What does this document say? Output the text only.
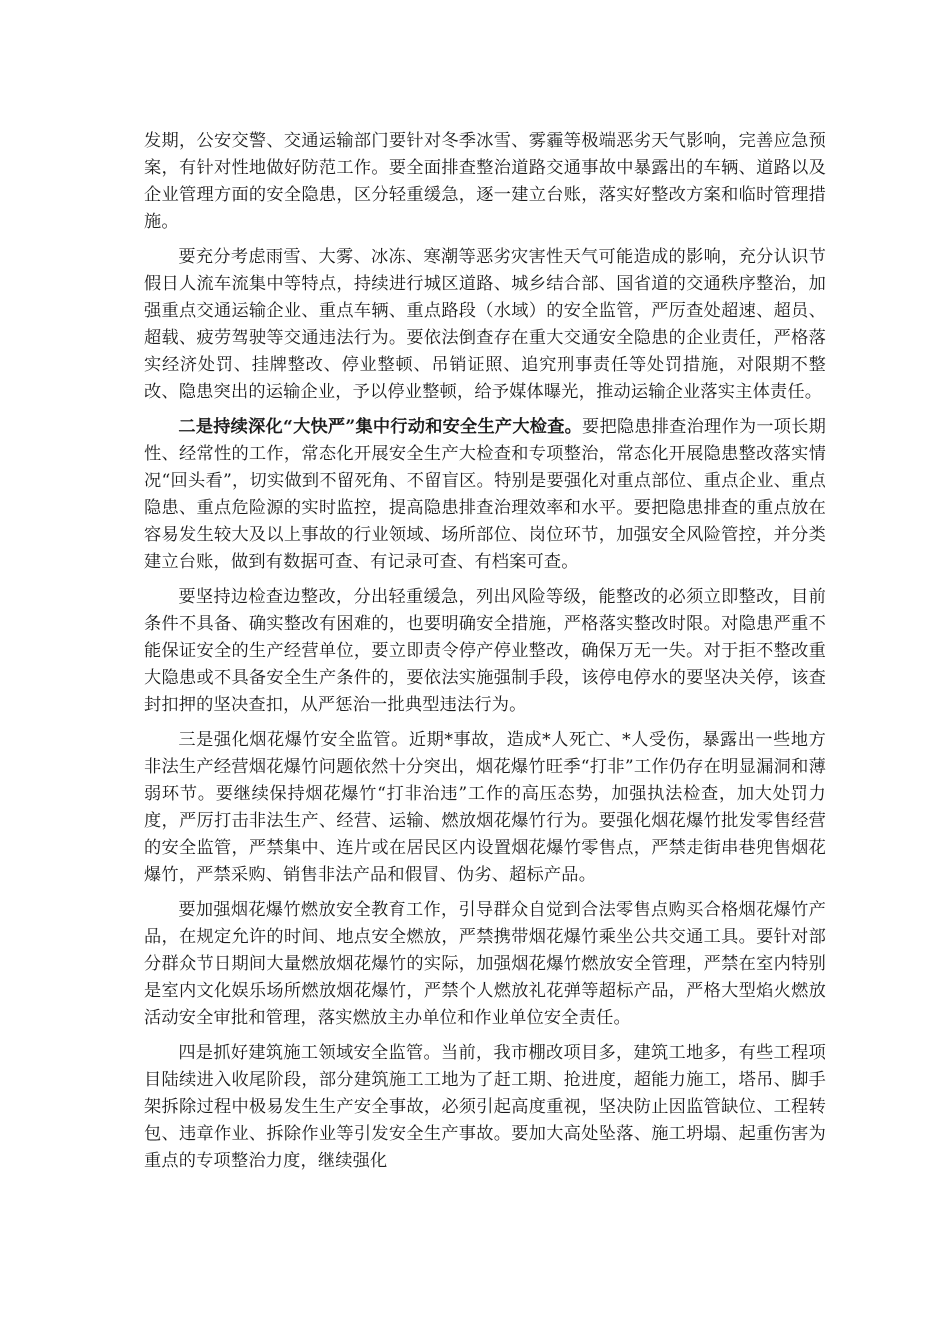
发期，公安交警、交通运输部门要针对冬季冰雪、雾霾等极端恶劣天气影响，完善应急预案，有针对性地做好防范工作。要全面排查整治道路交通事故中暴露出的车辆、道路以及企业管理方面的安全隐患，区分轻重缓急，逐一建立台账，落实好整改方案和临时管理措施。

要充分考虑雨雪、大雾、冰冻、寒潮等恶劣灾害性天气可能造成的影响，充分认识节假日人流车流集中等特点，持续进行城区道路、城乡结合部、国省道的交通秩序整治，加强重点交通运输企业、重点车辆、重点路段（水域）的安全监管，严厉查处超速、超员、超载、疲劳驾驶等交通违法行为。要依法倒查存在重大交通安全隐患的企业责任，严格落实经济处罚、挂牌整改、停业整顿、吊销证照、追究刑事责任等处罚措施，对限期不整改、隐患突出的运输企业，予以停业整顿，给予媒体曝光，推动运输企业落实主体责任。

二是持续深化“大快严”集中行动和安全生产大检查。要把隐患排查治理作为一项长期性、经常性的工作，常态化开展安全生产大检查和专项整治，常态化开展隐患整改落实情况“回头看”，切实做到不留死角、不留盲区。特别是要强化对重点部位、重点企业、重点隐患、重点危险源的实时监控，提高隐患排查治理效率和水平。要把隐患排查的重点放在容易发生较大及以上事故的行业领域、场所部位、岗位环节，加强安全风险管控，并分类建立台账，做到有数据可查、有记录可查、有档案可查。

要坚持边检查边整改，分出轻重缓急，列出风险等级，能整改的必须立即整改，目前条件不具备、确实整改有困难的，也要明确安全措施，严格落实整改时限。对隐患严重不能保证安全的生产经营单位，要立即责令停产停业整改，确保万无一失。对于拒不整改重大隐患或不具备安全生产条件的，要依法实施强制手段，该停电停水的要坚决关停，该查封扣押的坚决查扣，从严惩治一批典型违法行为。

三是强化烟花爆竹安全监管。近期*事故，造成*人死亡、*人受伤，暴露出一些地方非法生产经营烟花爆竹问题依然十分突出，烟花爆竹旺季“打非”工作仍存在明显漏洞和薄弱环节。要继续保持烟花爆竹“打非治违”工作的高压态势，加强执法检查，加大处罚力度，严厉打击非法生产、经营、运输、燃放烟花爆竹行为。要强化烟花爆竹批发零售经营的安全监管，严禁集中、连片或在居民区内设置烟花爆竹零售点，严禁走街串巷兜售烟花爆竹，严禁采购、销售非法产品和假冒、伪劣、超标产品。

要加强烟花爆竹燃放安全教育工作，引导群众自觉到合法零售点购买合格烟花爆竹产品，在规定允许的时间、地点安全燃放，严禁携带烟花爆竹乘坐公共交通工具。要针对部分群众节日期间大量燃放烟花爆竹的实际，加强烟花爆竹燃放安全管理，严禁在室内特别是室内文化娱乐场所燃放烟花爆竹，严禁个人燃放礼花弹等超标产品，严格大型焰火燃放活动安全审批和管理，落实燃放主办单位和作业单位安全责任。

四是抓好建筑施工领域安全监管。当前，我市棚改项目多，建筑工地多，有些工程项目陆续进入收尾阶段，部分建筑施工工地为了赶工期、抢进度，超能力施工，塔吊、脚手架拆除过程中极易发生生产安全事故，必须引起高度重视，坚决防止因监管缺位、工程转包、违章作业、拆除作业等引发安全生产事故。要加大高处坠落、施工坍塌、起重伤害为重点的专项整治力度，继续强化
